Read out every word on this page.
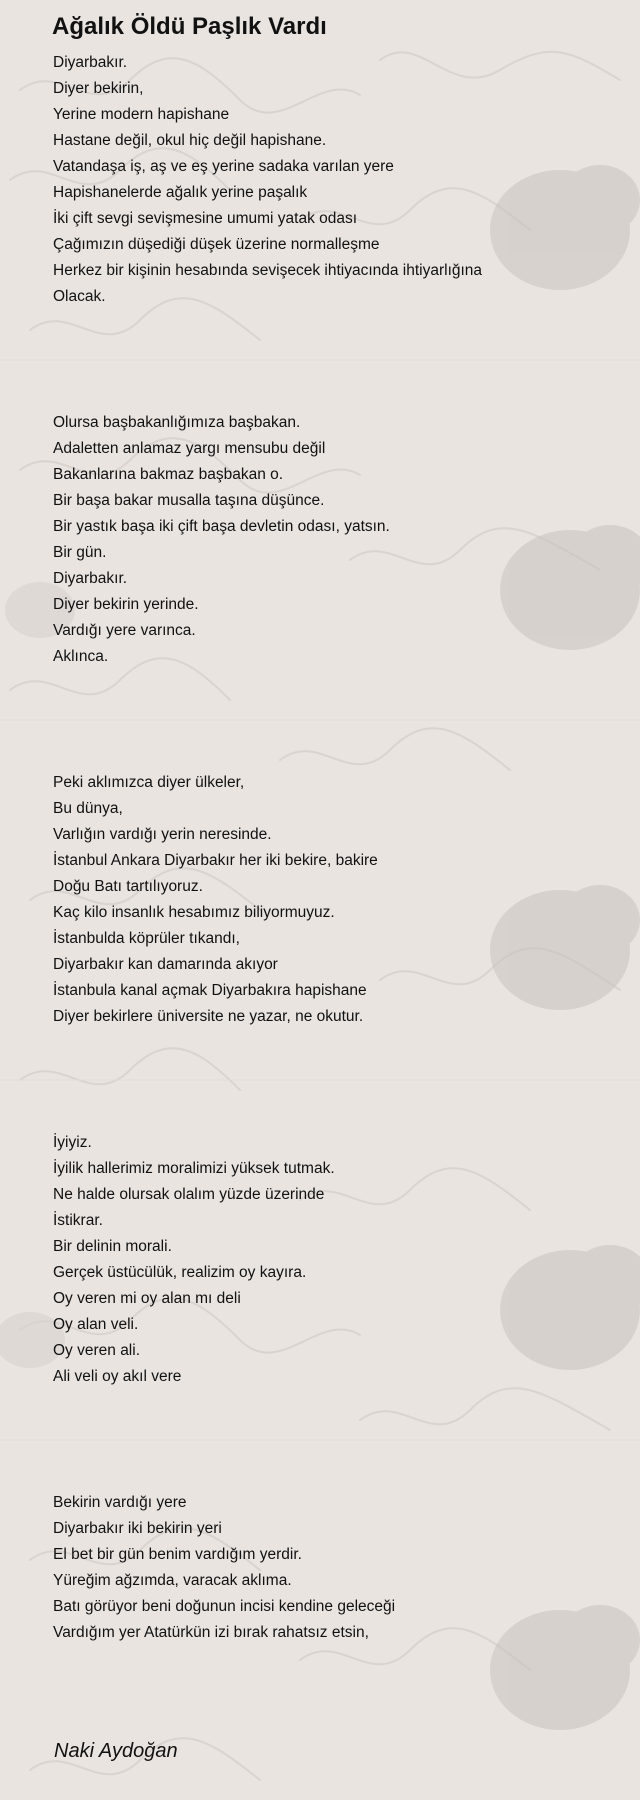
Ağalık Öldü Paşlık Vardı
Diyarbakır.
Diyer bekirin,
Yerine modern hapishane
Hastane değil, okul hiç değil hapishane.
Vatandaşa iş, aş ve eş yerine sadaka varılan yere
Hapishanelerde ağalık yerine paşalık
İki çift sevgi sevişmesine umumi yatak odası
Çağımızın düşediği düşek üzerine normalleşme
Herkez bir kişinin hesabında sevişecek ihtiyacında ihtiyarlığına
Olacak.
Olursa başbakanlığımıza başbakan.
Adaletten anlamaz yargı mensubu değil
Bakanlarına bakmaz başbakan o.
Bir başa bakar musalla taşına düşünce.
Bir yastık başa iki çift başa devletin odası, yatsın.
Bir gün.
Diyarbakır.
Diyer bekirin yerinde.
Vardığı yere varınca.
Aklınca.
Peki aklımızca diyer ülkeler,
Bu dünya,
Varlığın vardığı yerin neresinde.
İstanbul Ankara Diyarbakır her iki bekire, bakire
Doğu Batı tartılıyoruz.
Kaç kilo insanlık hesabımız biliyormuyuz.
İstanbulda köprüler tıkandı,
Diyarbakır kan damarında akıyor
İstanbula kanal açmak Diyarbakıra hapishane
Diyer bekirlere üniversite ne yazar, ne okutur.
İyiyiz.
İyilik hallerimiz moralimizi yüksek tutmak.
Ne halde olursak olalım yüzde üzerinde
İstikrar.
Bir delinin morali.
Gerçek üstücülük, realizim oy kayıra.
Oy veren mi oy alan mı deli
Oy alan veli.
Oy veren ali.
Ali veli oy akıl vere
Bekirin vardığı yere
Diyarbakır iki bekirin yeri
El bet bir gün benim vardığım yerdir.
Yüreğim ağzımda, varacak aklıma.
Batı görüyor beni doğunun incisi kendine geleceği
Vardığım yer Atatürkün izi bırak rahatsız etsin,
Naki Aydoğan
